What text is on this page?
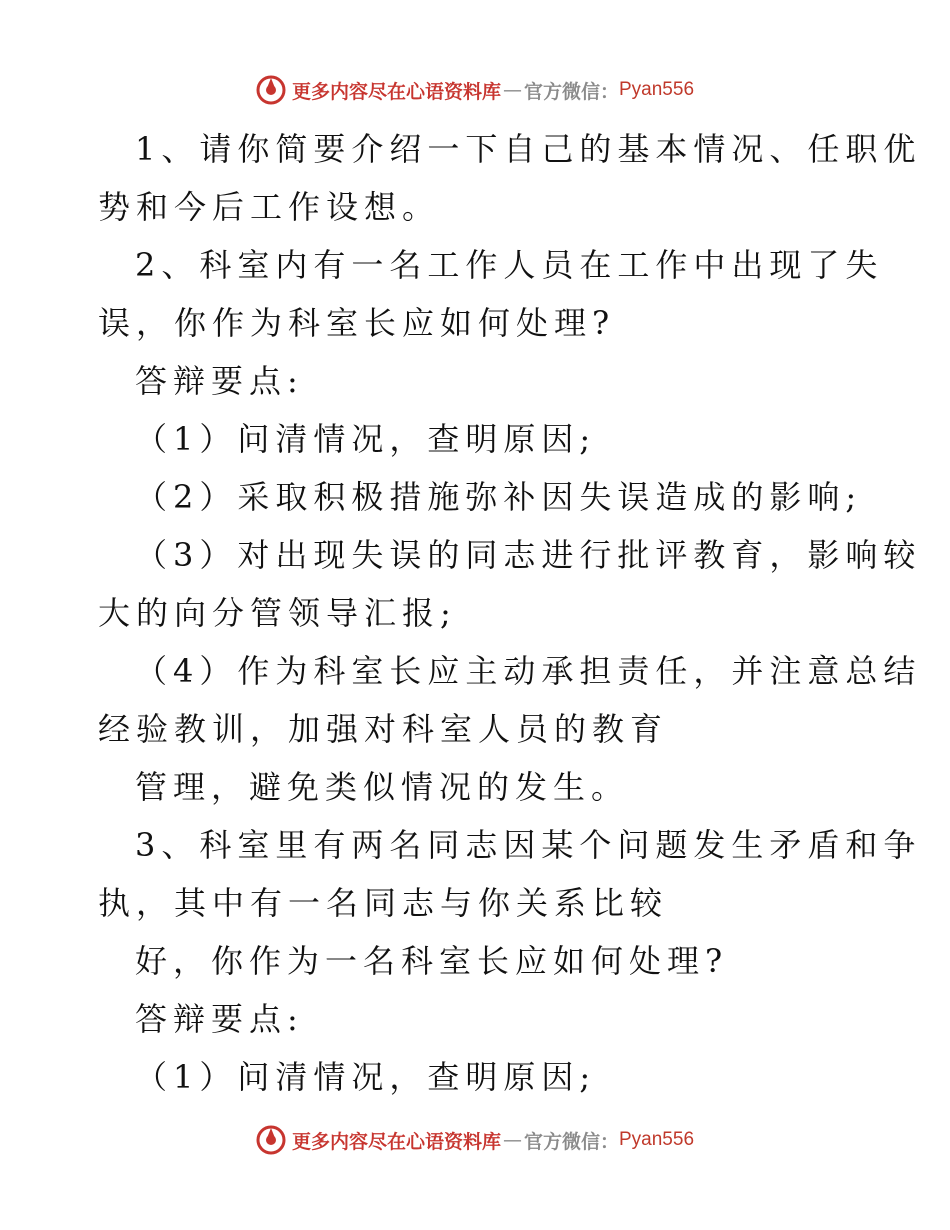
更多内容尽在心语资料库 — 官方微信： Pyan556
1、请你简要介绍一下自己的基本情况、任职优
势和今后工作设想。
2、科室内有一名工作人员在工作中出现了失
误，你作为科室长应如何处理?
答辩要点:
（1）问清情况，查明原因;
（2）采取积极措施弥补因失误造成的影响;
（3）对出现失误的同志进行批评教育，影响较
大的向分管领导汇报;
（4）作为科室长应主动承担责任，并注意总结
经验教训，加强对科室人员的教育
管理，避免类似情况的发生。
3、科室里有两名同志因某个问题发生矛盾和争
执，其中有一名同志与你关系比较
好，你作为一名科室长应如何处理?
答辩要点:
（1）问清情况，查明原因;
更多内容尽在心语资料库 — 官方微信： Pyan556
